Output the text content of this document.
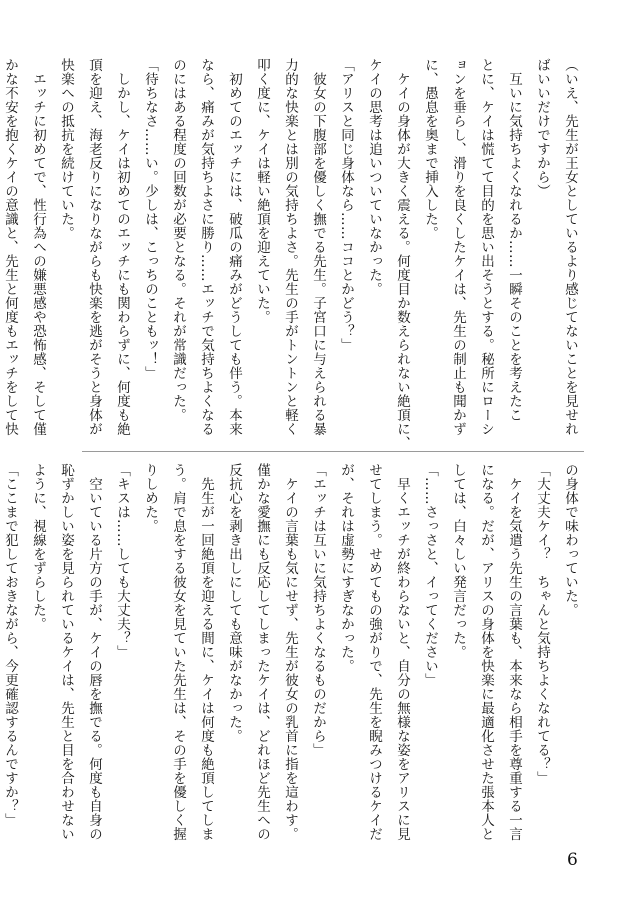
（いえ、先生が王女としているより感じてないことを見せれ

ばいいだけですから）

　互いに気持ちよくなれるか……一瞬そのことを考えたこ

とに、ケイは慌てて目的を思い出そうとする。秘所にローシ

ョンを垂らし、滑りを良くしたケイは、先生の制止も聞かず

に、愚息を奥まで挿入した。

　ケイの身体が大きく震える。何度目か数えられない絶頂に、

ケイの思考は追いついていなかった。

「アリスと同じ身体なら……ココとかどう？」

　彼女の下腹部を優しく撫でる先生。子宮口に与えられる暴

力的な快楽とは別の気持ちよさ。先生の手がトントンと軽く

叩く度に、ケイは軽い絶頂を迎えていた。

　初めてのエッチには、破瓜の痛みがどうしても伴う。本来

なら、痛みが気持ちよさに勝り……エッチで気持ちよくなる

のにはある程度の回数が必要となる。それが常識だった。

「待ちなさ……い。少しは、こっちのこともッ！」

　しかし、ケイは初めてのエッチにも関わらずに、何度も絶

頂を迎え、海老反りになりながらも快楽を逃がそうと身体が

快楽への抵抗を続けていた。

　エッチに初めてで、性行為への嫌悪感や恐怖感、そして僅

かな不安を抱くケイの意識と、先生と何度もエッチをして快

の身体で味わっていた。

「大丈夫ケイ？　ちゃんと気持ちよくなれてる？」

　ケイを気遣う先生の言葉も、本来なら相手を尊重する一言

になる。だが、アリスの身体を快楽に最適化させた張本人と

しては、白々しい発言だった。

「……さっさと、イってください」

　早くエッチが終わらないと、自分の無様な姿をアリスに見

せてしまう。せめてもの強がりで、先生を睨みつけるケイだ

が、それは虚勢にすぎなかった。

「エッチは互いに気持ちよくなるものだから」

　ケイの言葉も気にせず、先生が彼女の乳首に指を這わす。

僅かな愛撫にも反応してしまったケイは、どれほど先生への

反抗心を剥き出しにしても意味がなかった。

　先生が一回絶頂を迎える間に、ケイは何度も絶頂してしま

う。肩で息をする彼女を見ていた先生は、その手を優しく握

りしめた。

「キスは……しても大丈夫？」

　空いている片方の手が、ケイの唇を撫でる。何度も自身の

恥ずかしい姿を見られているケイは、先生と目を合わせない

ように、視線をずらした。

「ここまで犯しておきながら、今更確認するんですか？」

6
